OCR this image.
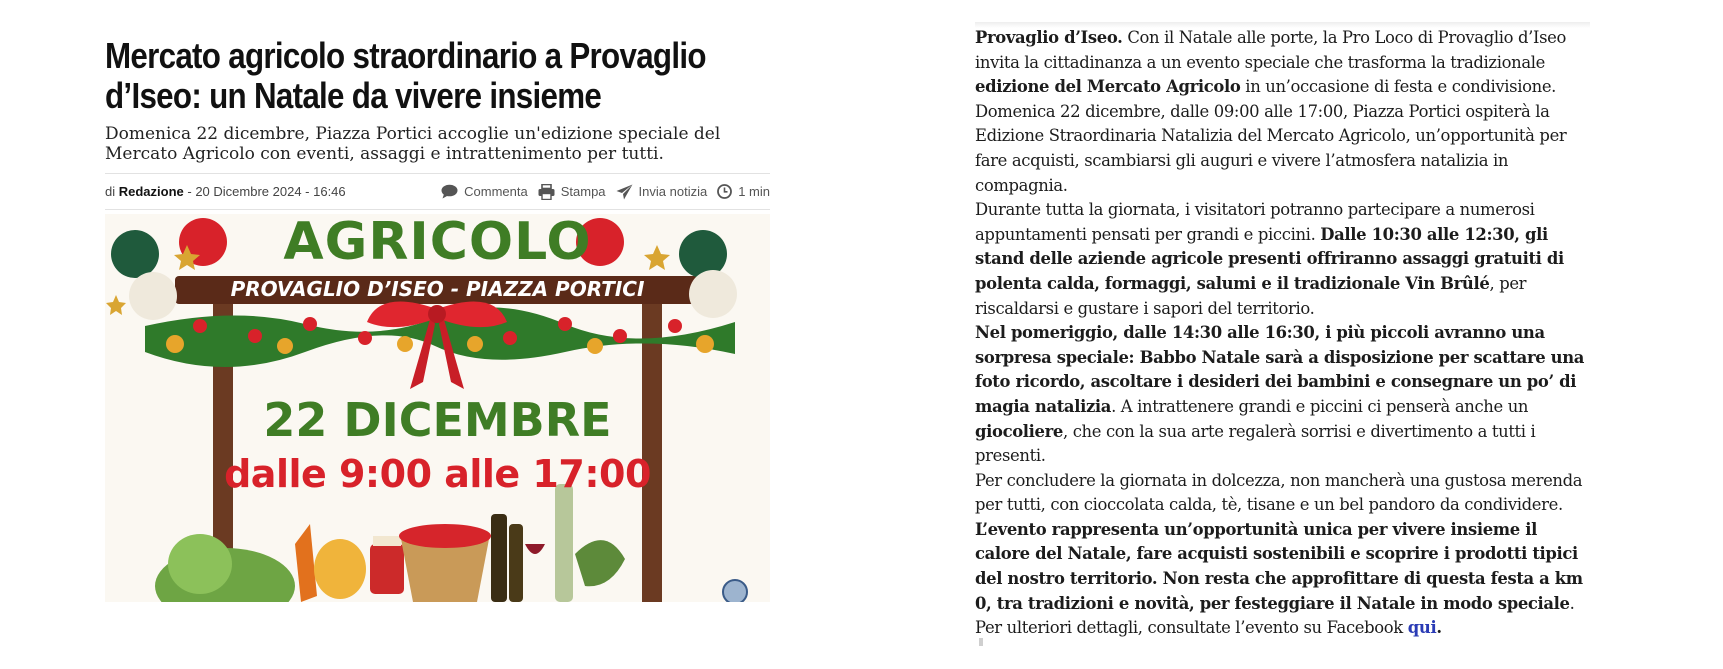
Mercato agricolo straordinario a Provaglio d’Iseo: un Natale da vivere insieme

Domenica 22 dicembre, Piazza Portici accoglie un'edizione speciale del Mercato Agricolo con eventi, assaggi e intrattenimento per tutti.

di Redazione - 20 Dicembre 2024 - 16:46	Commenta	Stampa	Invia notizia 1 min
AGRICOLO
PROVAGLIO D’ISEO - PIAZZA PORTICI
22 DICEMBRE
dalle 9:00 alle 17:00

Provaglio d’Iseo. Con il Natale alle porte, la Pro Loco di Provaglio d’Iseo invita la cittadinanza a un evento speciale che trasforma la tradizionale edizione del Mercato Agricolo in un’occasione di festa e condivisione.

Domenica 22 dicembre, dalle 09:00 alle 17:00, Piazza Portici ospiterà la Edizione Straordinaria Natalizia del Mercato Agricolo, un’opportunità per fare acquisti, scambiarsi gli auguri e vivere l’atmosfera natalizia in compagnia.

Durante tutta la giornata, i visitatori potranno partecipare a numerosi appuntamenti pensati per grandi e piccini. Dalle 10:30 alle 12:30, gli stand delle aziende agricole presenti offriranno assaggi gratuiti di polenta calda, formaggi, salumi e il tradizionale Vin Brûlé, per riscaldarsi e gustare i sapori del territorio.

Nel pomeriggio, dalle 14:30 alle 16:30, i più piccoli avranno una sorpresa speciale: Babbo Natale sarà a disposizione per scattare una foto ricordo, ascoltare i desideri dei bambini e consegnare un po’ di magia natalizia. A intrattenere grandi e piccini ci penserà anche un giocoliere, che con la sua arte regalerà sorrisi e divertimento a tutti i presenti.

Per concludere la giornata in dolcezza, non mancherà una gustosa merenda per tutti, con cioccolata calda, tè, tisane e un bel pandoro da condividere.

L’evento rappresenta un’opportunità unica per vivere insieme il calore del Natale, fare acquisti sostenibili e scoprire i prodotti tipici del nostro territorio. Non resta che approfittare di questa festa a km 0, tra tradizioni e novità, per festeggiare il Natale in modo speciale.

Per ulteriori dettagli, consultate l’evento su Facebook qui.
